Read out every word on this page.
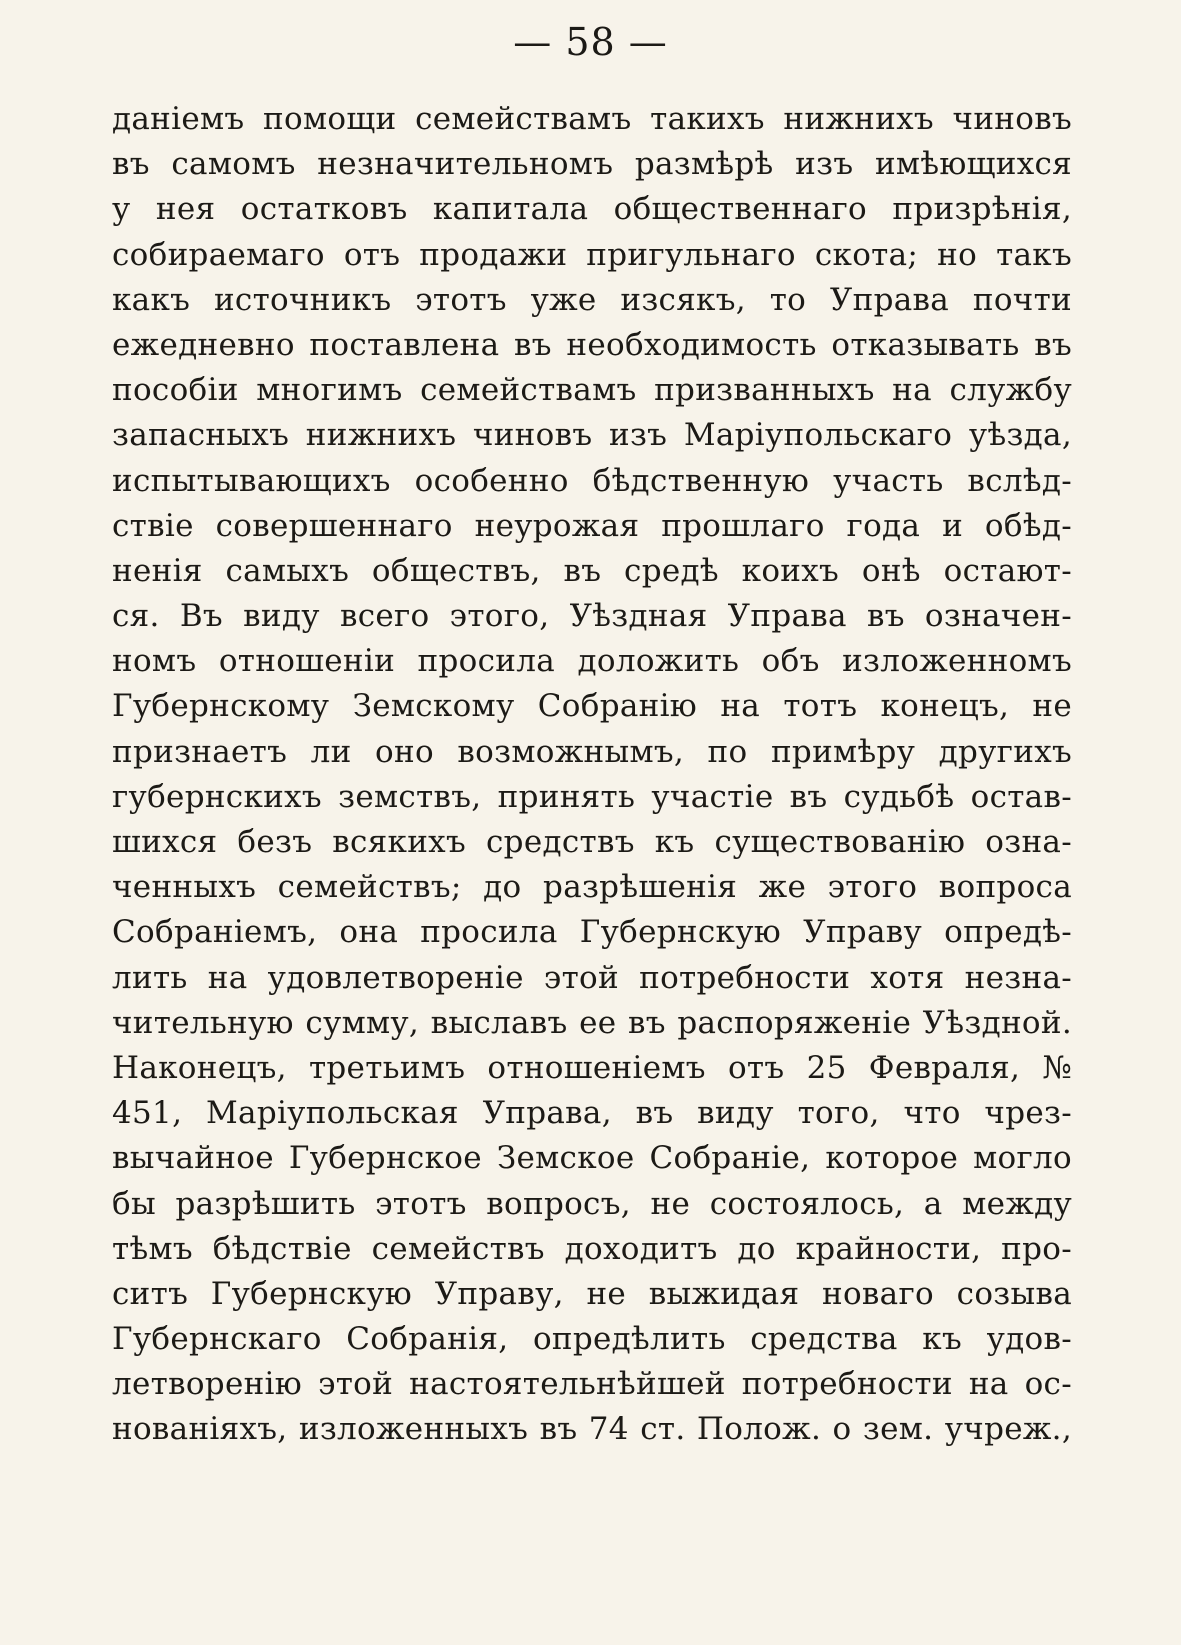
— 58 —
даніемъ помощи семействамъ такихъ нижнихъ чиновъ
въ самомъ незначительномъ размѣрѣ изъ имѣющихся
у нея остатковъ капитала общественнаго призрѣнія,
собираемаго отъ продажи пригульнаго скота; но такъ
какъ источникъ этотъ уже изсякъ, то Управа почти
ежедневно поставлена въ необходимость отказывать въ
пособіи многимъ семействамъ призванныхъ на службу
запасныхъ нижнихъ чиновъ изъ Маріупольскаго уѣзда,
испытывающихъ особенно бѣдственную участь вслѣд-
ствіе совершеннаго неурожая прошлаго года и обѣд-
ненія самыхъ обществъ, въ средѣ коихъ онѣ остают-
ся. Въ виду всего этого, Уѣздная Управа въ означен-
номъ отношеніи просила доложить объ изложенномъ
Губернскому Земскому Собранію на тотъ конецъ, не
признаетъ ли оно возможнымъ, по примѣру другихъ
губернскихъ земствъ, принять участіе въ судьбѣ остав-
шихся безъ всякихъ средствъ къ существованію озна-
ченныхъ семействъ; до разрѣшенія же этого вопроса
Собраніемъ, она просила Губернскую Управу опредѣ-
лить на удовлетвореніе этой потребности хотя незна-
чительную сумму, выславъ ее въ распоряженіе Уѣздной.
Наконецъ, третьимъ отношеніемъ отъ 25 Февраля, №
451, Маріупольская Управа, въ виду того, что чрез-
вычайное Губернское Земское Собраніе, которое могло
бы разрѣшить этотъ вопросъ, не состоялось, а между
тѣмъ бѣдствіе семействъ доходитъ до крайности, про-
ситъ Губернскую Управу, не выжидая новаго созыва
Губернскаго Собранія, опредѣлить средства къ удов-
летворенію этой настоятельнѣйшей потребности на ос-
нованіяхъ, изложенныхъ въ 74 ст. Полож. о зем. учреж.,
